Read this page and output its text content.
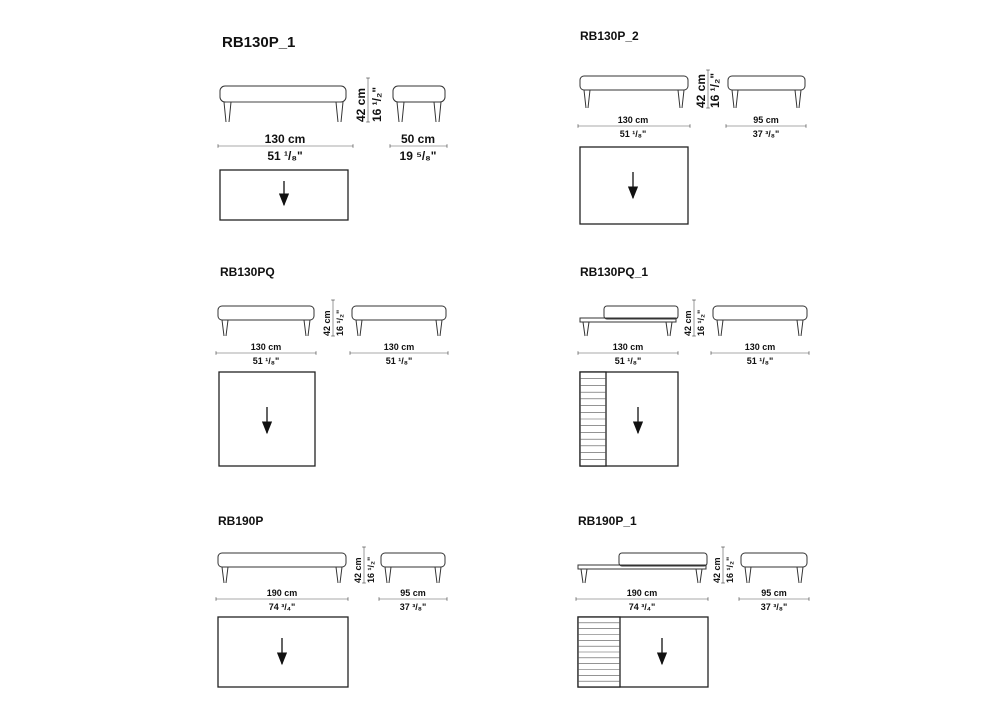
RB130P_1
42 cm 16 ¹/₂"
130 cm
51 ¹/₈"
50 cm
19 ⁵/₈"
RB130P_2
42 cm 16 ¹/₂"
130 cm
51 ¹/₈"
95 cm
37 ³/₈"
RB130PQ
42 cm 16 ¹/₂"
130 cm
51 ¹/₈"
130 cm
51 ¹/₈"
RB130PQ_1
42 cm 16 ¹/₂"
130 cm
51 ¹/₈"
130 cm
51 ¹/₈"
RB190P
42 cm 16 ¹/₂"
190 cm
74 ³/₄"
95 cm
37 ³/₈"
RB190P_1
42 cm 16 ¹/₂"
190 cm
74 ³/₄"
95 cm
37 ³/₈"
